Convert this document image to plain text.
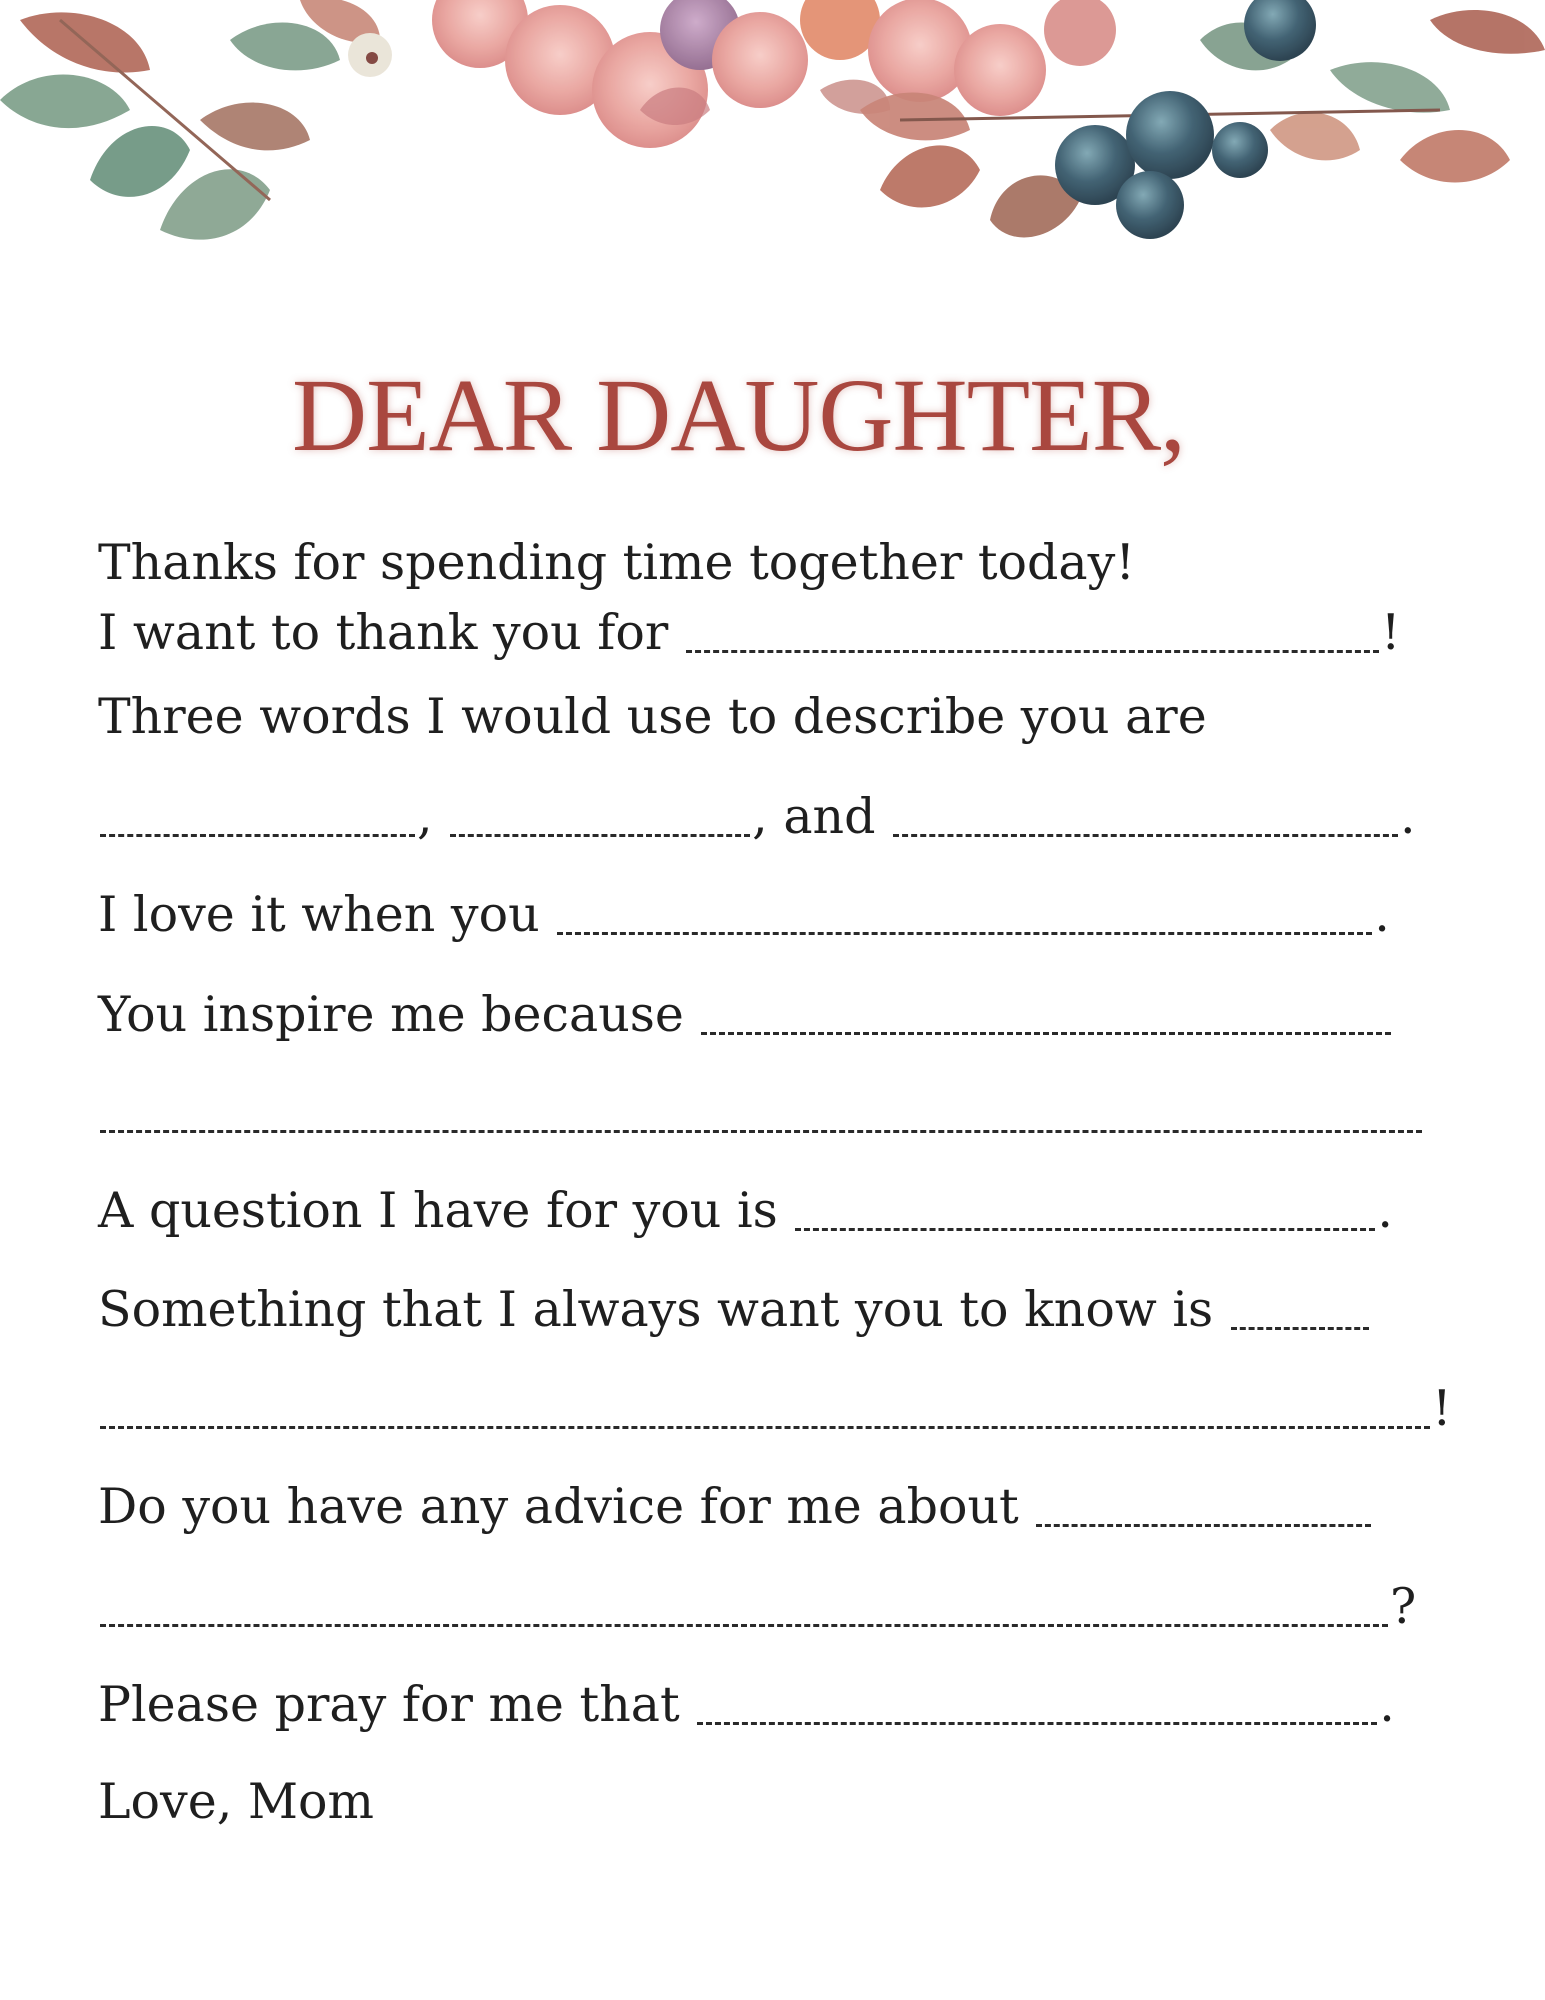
DEAR DAUGHTER,
Thanks for spending time together today!
I want to thank you for	!
Three words I would use to describe you are
,	, and	.
I love it when you	.
You inspire me because
A question I have for you is	.
Something that I always want you to know is
!
Do you have any advice for me about
?
Please pray for me that	.
Love, Mom
